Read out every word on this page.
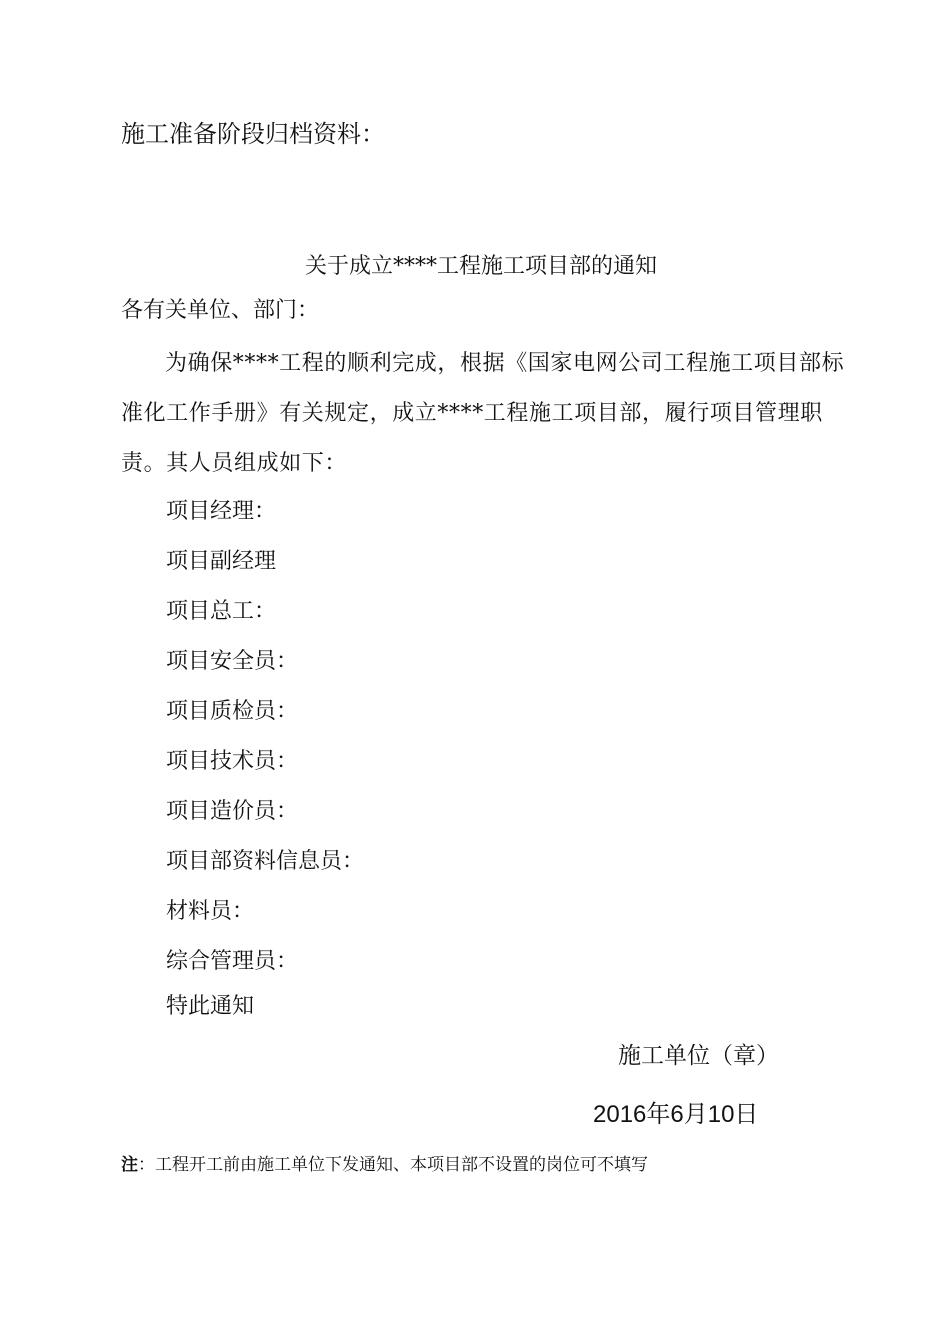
施工准备阶段归档资料：
关于成立****工程施工项目部的通知
各有关单位、部门：
为确保****工程的顺利完成，根据《国家电网公司工程施工项目部标准化工作手册》有关规定，成立****工程施工项目部，履行项目管理职责。其人员组成如下：
项目经理：
项目副经理
项目总工：
项目安全员：
项目质检员：
项目技术员：
项目造价员：
项目部资料信息员：
材料员：
综合管理员：
特此通知
施工单位（章）
2016年6月10日
注：工程开工前由施工单位下发通知、本项目部不设置的岗位可不填写
